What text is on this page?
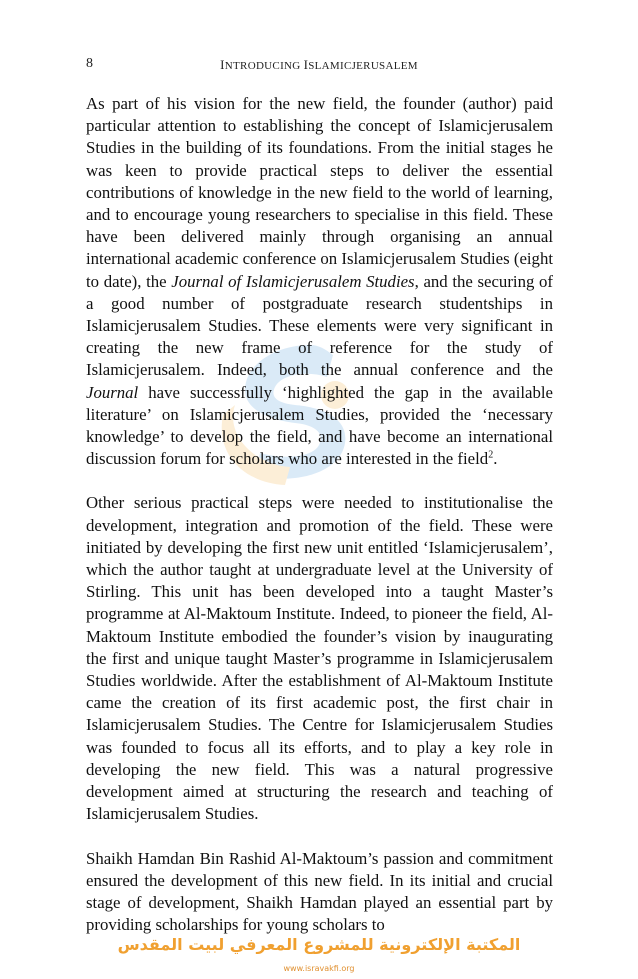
8	INTRODUCING ISLAMICJERUSALEM

As part of his vision for the new field, the founder (author) paid particular attention to establishing the concept of Islamicjerusalem Studies in the building of its foundations. From the initial stages he was keen to provide practical steps to deliver the essential contributions of knowledge in the new field to the world of learning, and to encourage young researchers to specialise in this field. These have been delivered mainly through organising an annual international academic conference on Islamicjerusalem Studies (eight to date), the Journal of Islamicjerusalem Studies, and the securing of a good number of postgraduate research studentships in Islamicjerusalem Studies. These elements were very significant in creating the new frame of reference for the study of Islamicjerusalem. Indeed, both the annual conference and the Journal have successfully ‘highlighted the gap in the available literature’ on Islamicjerusalem Studies, provided the ‘necessary knowledge’ to develop the field, and have become an international discussion forum for scholars who are interested in the field$^2$.

Other serious practical steps were needed to institutionalise the development, integration and promotion of the field. These were initiated by developing the first new unit entitled ‘Islamicjerusalem’, which the author taught at undergraduate level at the University of Stirling. This unit has been developed into a taught Master’s programme at Al-Maktoum Institute. Indeed, to pioneer the field, Al-Maktoum Institute embodied the founder’s vision by inaugurating the first and unique taught Master’s programme in Islamicjerusalem Studies worldwide. After the establishment of Al-Maktoum Institute came the creation of its first academic post, the first chair in Islamicjerusalem Studies. The Centre for Islamicjerusalem Studies was founded to focus all its efforts, and to play a key role in developing the new field. This was a natural progressive development aimed at structuring the research and teaching of Islamicjerusalem Studies.

Shaikh Hamdan Bin Rashid Al-Maktoum’s passion and commitment ensured the development of this new field. In its initial and crucial stage of development, Shaikh Hamdan played an essential part by providing scholarships for young scholars to

المكتبة الإلكترونية للمشروع المعرفي لبيت المقدس
www.isravakfi.org
